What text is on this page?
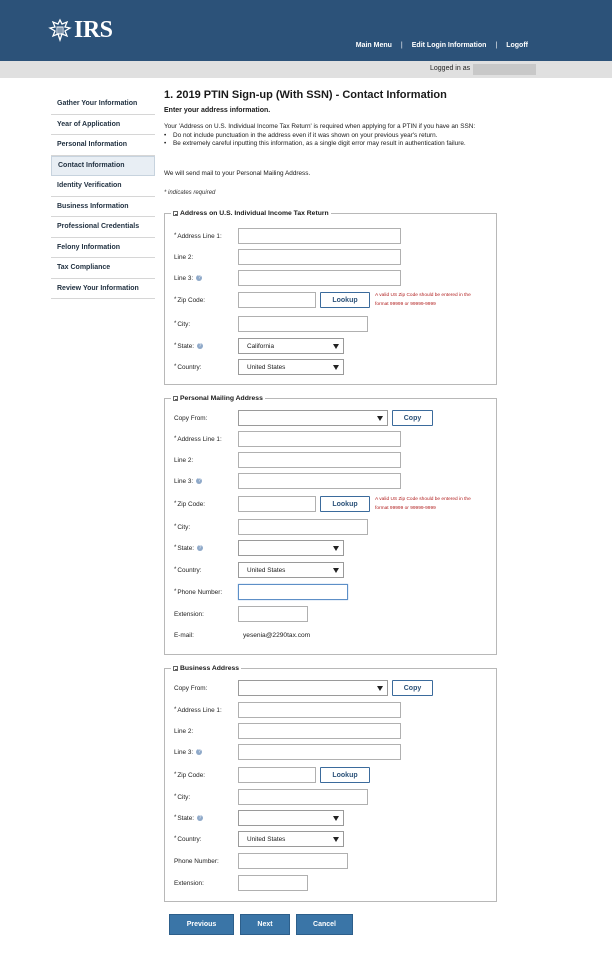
IRS
Main Menu | Edit Login Information | Logoff
Logged in as
Gather Your Information
Year of Application
Personal Information
Contact Information
Identity Verification
Business Information
Professional Credentials
Felony Information
Tax Compliance
Review Your Information
1. 2019 PTIN Sign-up (With SSN) - Contact Information
Enter your address information.
Your 'Address on U.S. Individual Income Tax Return' is required when applying for a PTIN if you have an SSN:
• Do not include punctuation in the address even if it was shown on your previous year's return.
• Be extremely careful inputting this information, as a single digit error may result in authentication failure.
We will send mail to your Personal Mailing Address.
* indicates required
Address on U.S. Individual Income Tax Return
* Address Line 1:
Line 2:
Line 3: ?
* Zip Code:	Lookup
A valid US Zip Code should be entered in the format 99999 or 99999-9999
* City:
* State: ?	California
* Country:	United States
Personal Mailing Address
Copy From:	Copy
* Address Line 1:
Line 2:
Line 3: ?
* Zip Code:	Lookup
A valid US Zip Code should be entered in the format 99999 or 99999-9999
* City:
* State: ?
* Country:	United States
* Phone Number:
Extension:
E-mail:	yesenia@2290tax.com
Business Address
Copy From:	Copy
* Address Line 1:
Line 2:
Line 3: ?
* Zip Code:	Lookup
* City:
* State: ?
* Country:	United States
Phone Number:
Extension:
Previous	Next	Cancel
